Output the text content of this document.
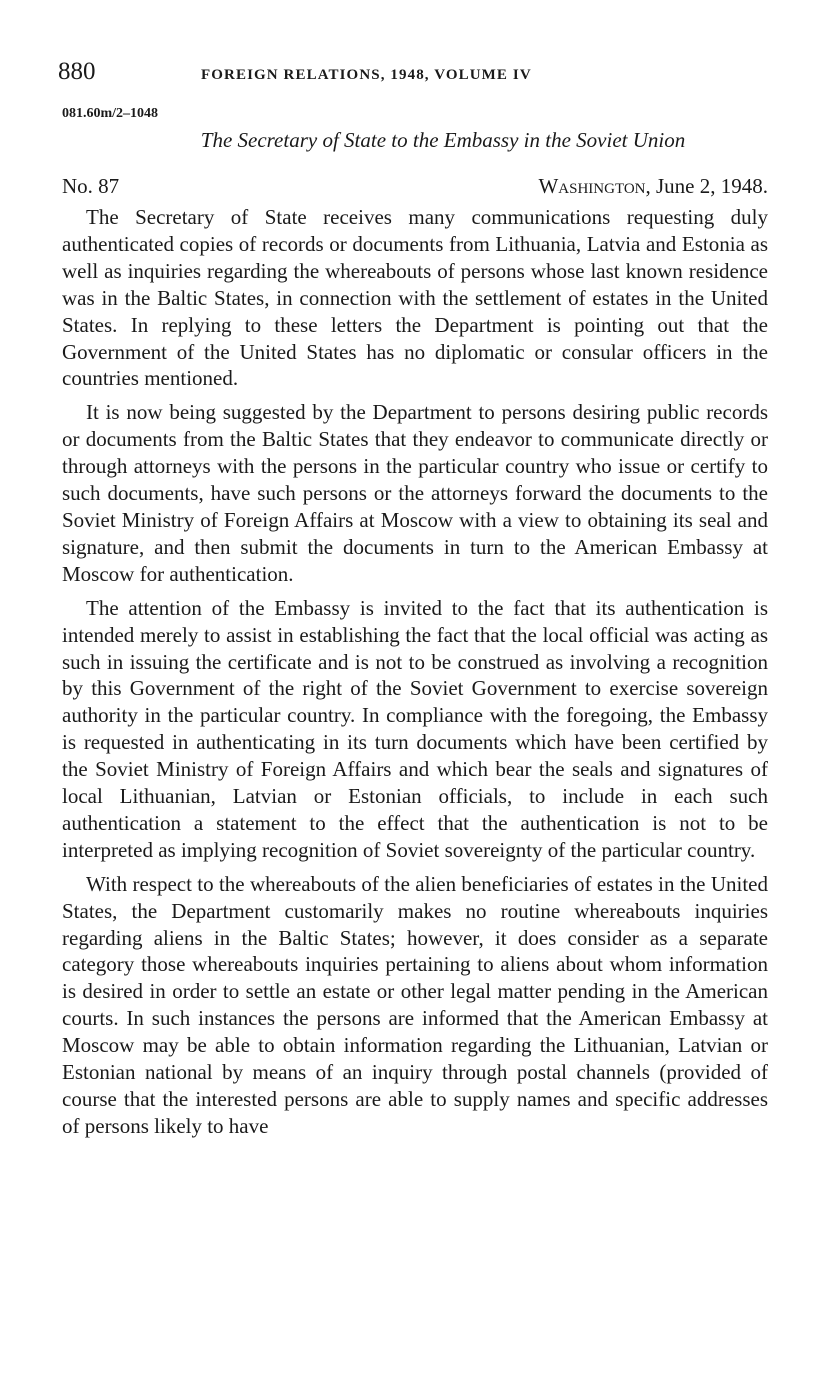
880	FOREIGN RELATIONS, 1948, VOLUME IV
081.60m/2–1048
The Secretary of State to the Embassy in the Soviet Union
No. 87	Washington, June 2, 1948.

The Secretary of State receives many communications requesting duly authenticated copies of records or documents from Lithuania, Latvia and Estonia as well as inquiries regarding the whereabouts of persons whose last known residence was in the Baltic States, in connection with the settlement of estates in the United States. In replying to these letters the Department is pointing out that the Government of the United States has no diplomatic or consular officers in the countries mentioned.

It is now being suggested by the Department to persons desiring public records or documents from the Baltic States that they endeavor to communicate directly or through attorneys with the persons in the particular country who issue or certify to such documents, have such persons or the attorneys forward the documents to the Soviet Ministry of Foreign Affairs at Moscow with a view to obtaining its seal and signature, and then submit the documents in turn to the American Embassy at Moscow for authentication.

The attention of the Embassy is invited to the fact that its authentication is intended merely to assist in establishing the fact that the local official was acting as such in issuing the certificate and is not to be construed as involving a recognition by this Government of the right of the Soviet Government to exercise sovereign authority in the particular country. In compliance with the foregoing, the Embassy is requested in authenticating in its turn documents which have been certified by the Soviet Ministry of Foreign Affairs and which bear the seals and signatures of local Lithuanian, Latvian or Estonian officials, to include in each such authentication a statement to the effect that the authentication is not to be interpreted as implying recognition of Soviet sovereignty of the particular country.

With respect to the whereabouts of the alien beneficiaries of estates in the United States, the Department customarily makes no routine whereabouts inquiries regarding aliens in the Baltic States; however, it does consider as a separate category those whereabouts inquiries pertaining to aliens about whom information is desired in order to settle an estate or other legal matter pending in the American courts. In such instances the persons are informed that the American Embassy at Moscow may be able to obtain information regarding the Lithuanian, Latvian or Estonian national by means of an inquiry through postal channels (provided of course that the interested persons are able to supply names and specific addresses of persons likely to have
